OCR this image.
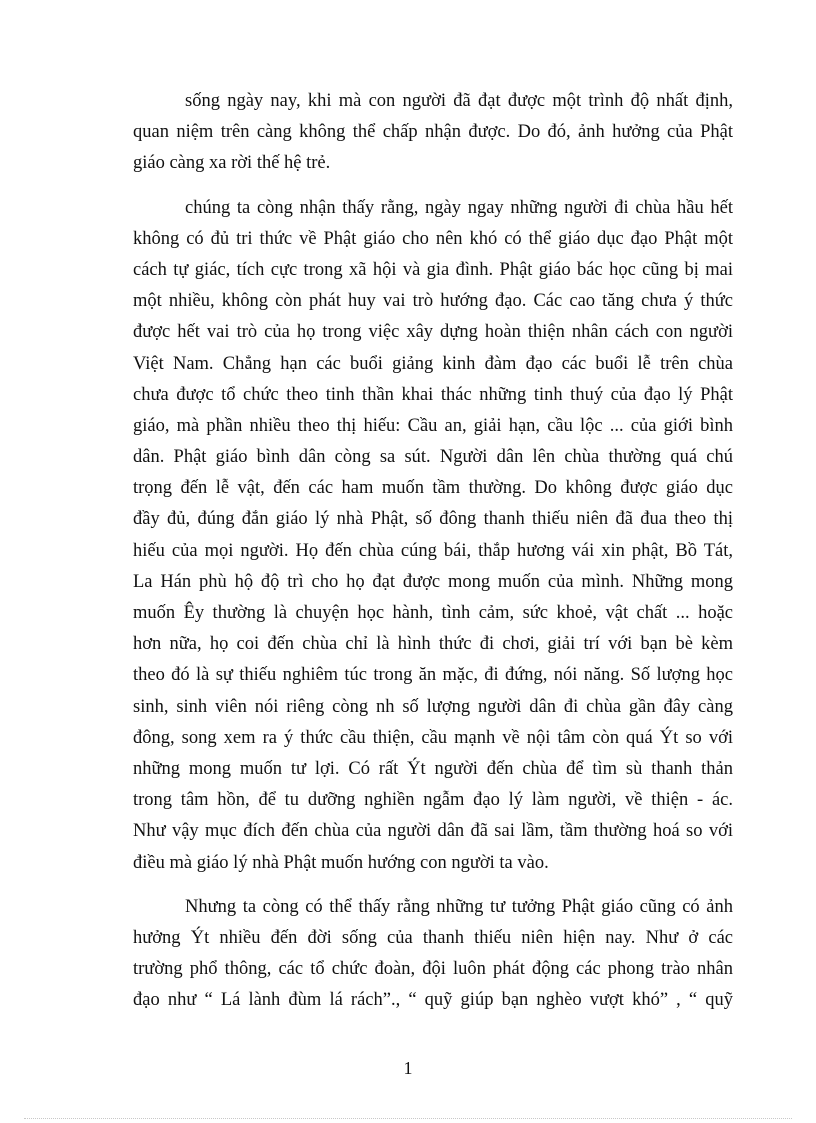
sống ngày nay, khi mà con người đã đạt được một trình độ nhất định,
quan niệm trên càng không thể chấp nhận được. Do đó, ảnh hưởng của Phật
giáo càng xa rời thế hệ trẻ.
chúng ta còng nhận thấy rằng, ngày ngay những người đi chùa hầu hết
không có đủ tri thức về Phật giáo cho nên khó có thể giáo dục đạo Phật một
cách tự giác, tích cực trong xã hội và gia đình. Phật giáo bác học cũng bị mai
một nhiều, không còn phát huy vai trò hướng đạo. Các cao tăng chưa ý thức
được hết vai trò của họ trong việc xây dựng hoàn thiện nhân cách con người
Việt Nam. Chẳng hạn các buổi giảng kinh đàm đạo các buổi lễ trên chùa
chưa được tổ chức theo tinh thần khai thác những tinh thuý của đạo lý Phật
giáo, mà phần nhiều theo thị hiếu: Cầu an, giải hạn, cầu lộc ... của giới bình
dân. Phật giáo bình dân còng sa sút. Người dân lên chùa thường quá chú
trọng đến lễ vật, đến các ham muốn tầm thường. Do không được giáo dục
đầy đủ, đúng đắn giáo lý nhà Phật, số đông thanh thiếu niên đã đua theo thị
hiếu của mọi người. Họ đến chùa cúng bái, thắp hương vái xin phật, Bồ Tát,
La Hán phù hộ độ trì cho họ đạt được mong muốn của mình. Những mong
muốn Êy thường là chuyện học hành, tình cảm, sức khoẻ, vật chất ... hoặc
hơn nữa, họ coi đến chùa chỉ là hình thức đi chơi, giải trí với bạn bè kèm
theo đó là sự thiếu nghiêm túc trong ăn mặc, đi đứng, nói năng. Số lượng học
sinh, sinh viên nói riêng còng nh số lượng người dân đi chùa gần đây càng
đông, song xem ra ý thức cầu thiện, cầu mạnh về nội tâm còn quá Ýt so với
những mong muốn tư lợi. Có rất Ýt người đến chùa để tìm sù thanh thản
trong tâm hồn, để tu dưỡng nghiền ngẫm đạo lý làm người, về thiện - ác.
Như vậy mục đích đến chùa của người dân đã sai lầm, tầm thường hoá so với
điều mà giáo lý nhà Phật muốn hướng con người ta vào.
Nhưng ta còng có thể thấy rằng những tư tưởng Phật giáo cũng có ảnh
hưởng Ýt nhiều đến đời sống của thanh thiếu niên hiện nay. Như ở các
trường phổ thông, các tổ chức đoàn, đội luôn phát động các phong trào nhân
đạo như “ Lá lành đùm lá rách”., “ quỹ giúp bạn nghèo vượt khó” , “ quỹ
1
